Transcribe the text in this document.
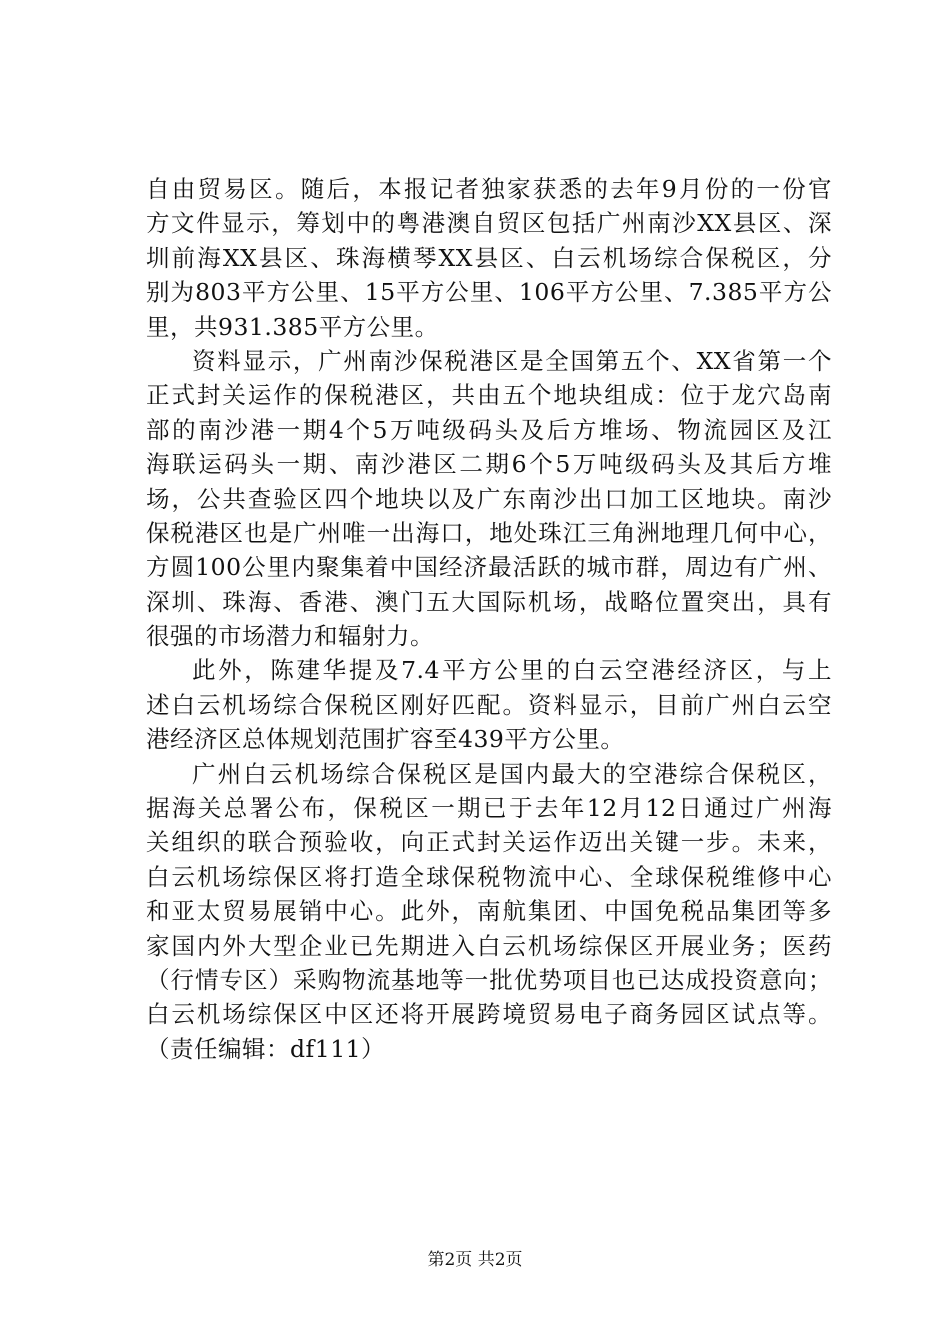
自由贸易区。随后，本报记者独家获悉的去年9月份的一份官
方文件显示，筹划中的粤港澳自贸区包括广州南沙XX县区、深
圳前海XX县区、珠海横琴XX县区、白云机场综合保税区，分
别为803平方公里、15平方公里、106平方公里、7.385平方公
里，共931.385平方公里。
资料显示，广州南沙保税港区是全国第五个、XX省第一个
正式封关运作的保税港区，共由五个地块组成：位于龙穴岛南
部的南沙港一期4个5万吨级码头及后方堆场、物流园区及江
海联运码头一期、南沙港区二期6个5万吨级码头及其后方堆
场，公共查验区四个地块以及广东南沙出口加工区地块。南沙
保税港区也是广州唯一出海口，地处珠江三角洲地理几何中心，
方圆100公里内聚集着中国经济最活跃的城市群，周边有广州、
深圳、珠海、香港、澳门五大国际机场，战略位置突出，具有
很强的市场潜力和辐射力。
此外，陈建华提及7.4平方公里的白云空港经济区，与上
述白云机场综合保税区刚好匹配。资料显示，目前广州白云空
港经济区总体规划范围扩容至439平方公里。
广州白云机场综合保税区是国内最大的空港综合保税区，
据海关总署公布，保税区一期已于去年12月12日通过广州海
关组织的联合预验收，向正式封关运作迈出关键一步。未来，
白云机场综保区将打造全球保税物流中心、全球保税维修中心
和亚太贸易展销中心。此外，南航集团、中国免税品集团等多
家国内外大型企业已先期进入白云机场综保区开展业务；医药
（行情专区）采购物流基地等一批优势项目也已达成投资意向；
白云机场综保区中区还将开展跨境贸易电子商务园区试点等。
（责任编辑：df111）
第2页 共2页
